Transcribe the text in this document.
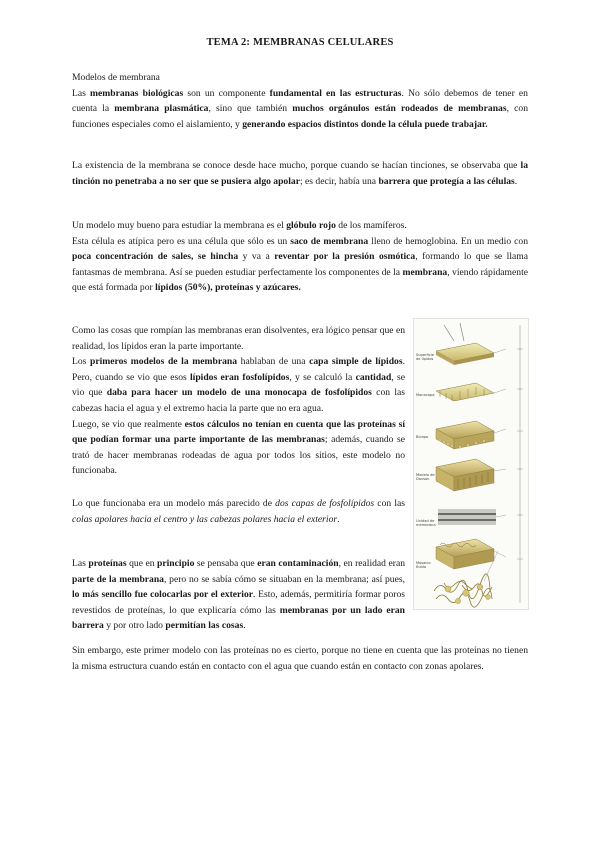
TEMA 2: MEMBRANAS CELULARES

Modelos de membrana

Las membranas biológicas son un componente fundamental en las estructuras. No sólo debemos de tener en cuenta la membrana plasmática, sino que también muchos orgánulos están rodeados de membranas, con funciones especiales como el aislamiento, y generando espacios distintos donde la célula puede trabajar.

La existencia de la membrana se conoce desde hace mucho, porque cuando se hacían tinciones, se observaba que la tinción no penetraba a no ser que se pusiera algo apolar; es decir, había una barrera que protegía a las células.

Un modelo muy bueno para estudiar la membrana es el glóbulo rojo de los mamíferos.

Esta célula es atípica pero es una célula que sólo es un saco de membrana lleno de hemoglobina. En un medio con poca concentración de sales, se hincha y va a reventar por la presión osmótica, formando lo que se llama fantasmas de membrana. Así se pueden estudiar perfectamente los componentes de la membrana, viendo rápidamente que está formada por lípidos (50%), proteínas y azúcares.

Como las cosas que rompían las membranas eran disolventes, era lógico pensar que en realidad, los lípidos eran la parte importante.

Los primeros modelos de la membrana hablaban de una capa simple de lípidos. Pero, cuando se vio que esos lípidos eran fosfolípidos, y se calculó la cantidad, se vio que daba para hacer un modelo de una monocapa de fosfolípidos con las cabezas hacia el agua y el extremo hacia la parte que no era agua.

Luego, se vio que realmente estos cálculos no tenían en cuenta que las proteínas sí que podían formar una parte importante de las membranas; además, cuando se trató de hacer membranas rodeadas de agua por todos los sitios, este modelo no funcionaba.

Lo que funcionaba era un modelo más parecido de dos capas de fosfolípidos con las colas apolares hacia el centro y las cabezas polares hacia el exterior.

Las proteínas que en principio se pensaba que eran contaminación, en realidad eran parte de la membrana, pero no se sabía cómo se situaban en la membrana; así pues, lo más sencillo fue colocarlas por el exterior. Esto, además, permitiría formar poros revestidos de proteínas, lo que explicaría cómo las membranas por un lado eran barrera y por otro lado permitían las cosas.

Sin embargo, este primer modelo con las proteínas no es cierto, porque no tiene en cuenta que las proteínas no tienen la misma estructura cuando están en contacto con el agua que cuando están en contacto con zonas apolares.

Superficie de lípidos
Monocapa
Bicapa
Modelo de Davson
Unidad de membrana
Mosaico fluido
